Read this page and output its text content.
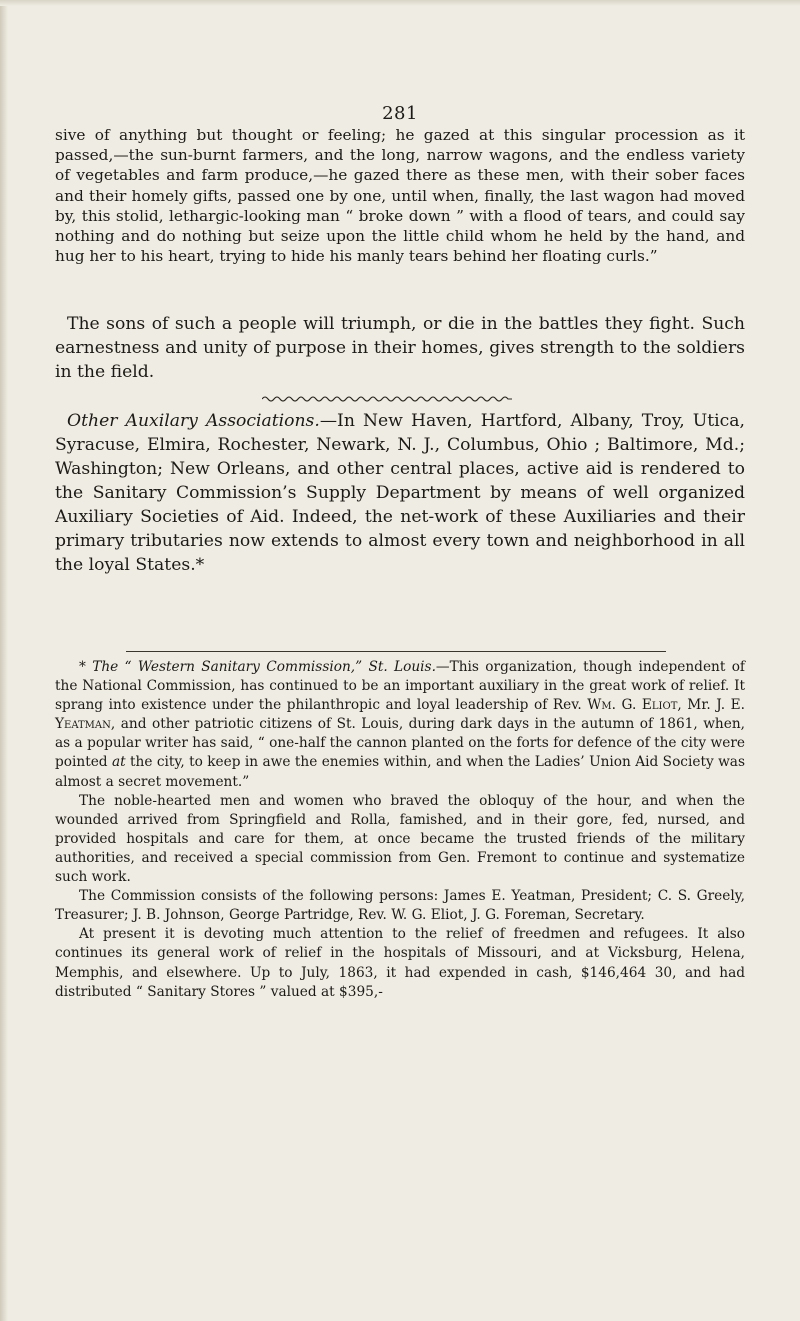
281

sive of anything but thought or feeling; he gazed at this singular procession as it passed,—the sun-burnt farmers, and the long, narrow wagons, and the endless variety of vegetables and farm produce,—he gazed there as these men, with their sober faces and their homely gifts, passed one by one, until when, finally, the last wagon had moved by, this stolid, lethargic-looking man “ broke down ” with a flood of tears, and could say nothing and do nothing but seize upon the little child whom he held by the hand, and hug her to his heart, trying to hide his manly tears behind her floating curls.”

The sons of such a people will triumph, or die in the battles they fight. Such earnestness and unity of purpose in their homes, gives strength to the soldiers in the field.

Other Auxilary Associations.—In New Haven, Hartford, Albany, Troy, Utica, Syracuse, Elmira, Rochester, Newark, N. J., Columbus, Ohio ; Baltimore, Md.; Washington; New Orleans, and other central places, active aid is rendered to the Sanitary Commission’s Supply Department by means of well organized Auxiliary Societies of Aid. Indeed, the net-work of these Auxiliaries and their primary tributaries now extends to almost every town and neighborhood in all the loyal States.*

* The “ Western Sanitary Commission,” St. Louis.—This organization, though independent of the National Commission, has continued to be an important auxiliary in the great work of relief. It sprang into existence under the philanthropic and loyal leadership of Rev. Wm. G. Eliot, Mr. J. E. Yeatman, and other patriotic citizens of St. Louis, during dark days in the autumn of 1861, when, as a popular writer has said, “ one-half the cannon planted on the forts for defence of the city were pointed at the city, to keep in awe the enemies within, and when the Ladies’ Union Aid Society was almost a secret movement.”

The noble-hearted men and women who braved the obloquy of the hour, and when the wounded arrived from Springfield and Rolla, famished, and in their gore, fed, nursed, and provided hospitals and care for them, at once became the trusted friends of the military authorities, and received a special commission from Gen. Fremont to continue and systematize such work.

The Commission consists of the following persons: James E. Yeatman, President; C. S. Greely, Treasurer; J. B. Johnson, George Partridge, Rev. W. G. Eliot, J. G. Foreman, Secretary.

At present it is devoting much attention to the relief of freedmen and refugees. It also continues its general work of relief in the hospitals of Missouri, and at Vicksburg, Helena, Memphis, and elsewhere. Up to July, 1863, it had expended in cash, $146,464 30, and had distributed “ Sanitary Stores ” valued at $395,-
